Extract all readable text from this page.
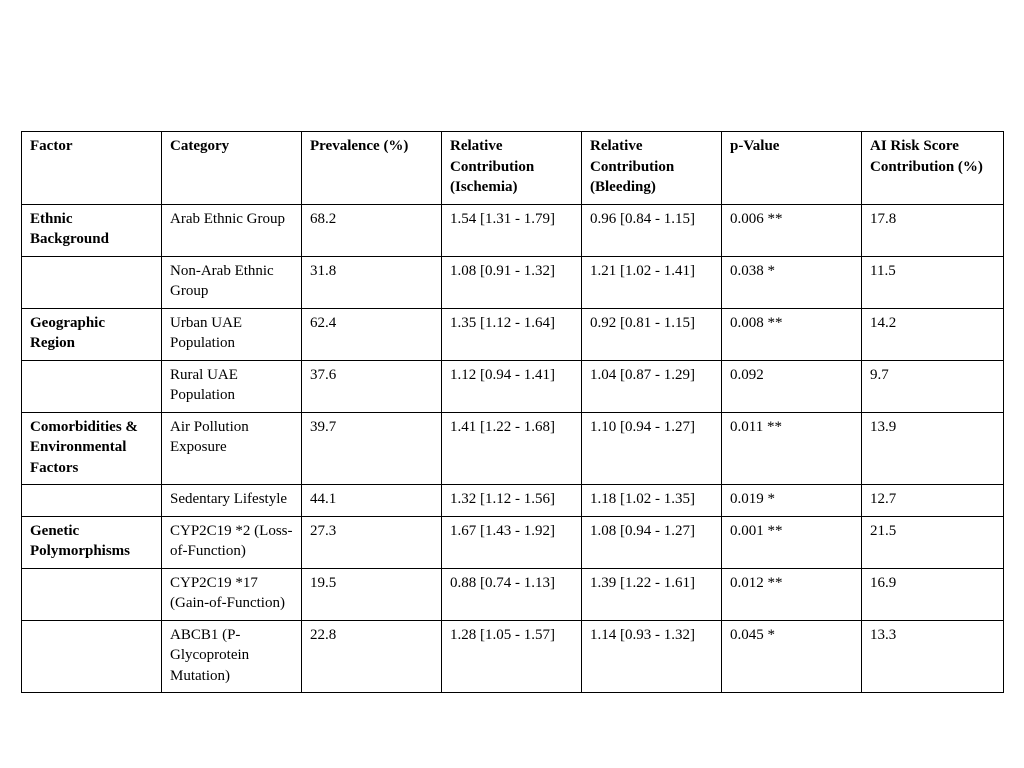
Factor	Category	Prevalence (%)	Relative Contribution (Ischemia)	Relative Contribution (Bleeding)	p-Value	AI Risk Score Contribution (%)
Ethnic Background	Arab Ethnic Group	68.2	1.54 [1.31 - 1.79]	0.96 [0.84 - 1.15]	0.006 **	17.8
	Non-Arab Ethnic Group	31.8	1.08 [0.91 - 1.32]	1.21 [1.02 - 1.41]	0.038 *	11.5
Geographic Region	Urban UAE Population	62.4	1.35 [1.12 - 1.64]	0.92 [0.81 - 1.15]	0.008 **	14.2
	Rural UAE Population	37.6	1.12 [0.94 - 1.41]	1.04 [0.87 - 1.29]	0.092	9.7
Comorbidities & Environmental Factors	Air Pollution Exposure	39.7	1.41 [1.22 - 1.68]	1.10 [0.94 - 1.27]	0.011 **	13.9
	Sedentary Lifestyle	44.1	1.32 [1.12 - 1.56]	1.18 [1.02 - 1.35]	0.019 *	12.7
Genetic Polymorphisms	CYP2C19 *2 (Loss-of-Function)	27.3	1.67 [1.43 - 1.92]	1.08 [0.94 - 1.27]	0.001 **	21.5
	CYP2C19 *17 (Gain-of-Function)	19.5	0.88 [0.74 - 1.13]	1.39 [1.22 - 1.61]	0.012 **	16.9
	ABCB1 (P-Glycoprotein Mutation)	22.8	1.28 [1.05 - 1.57]	1.14 [0.93 - 1.32]	0.045 *	13.3
